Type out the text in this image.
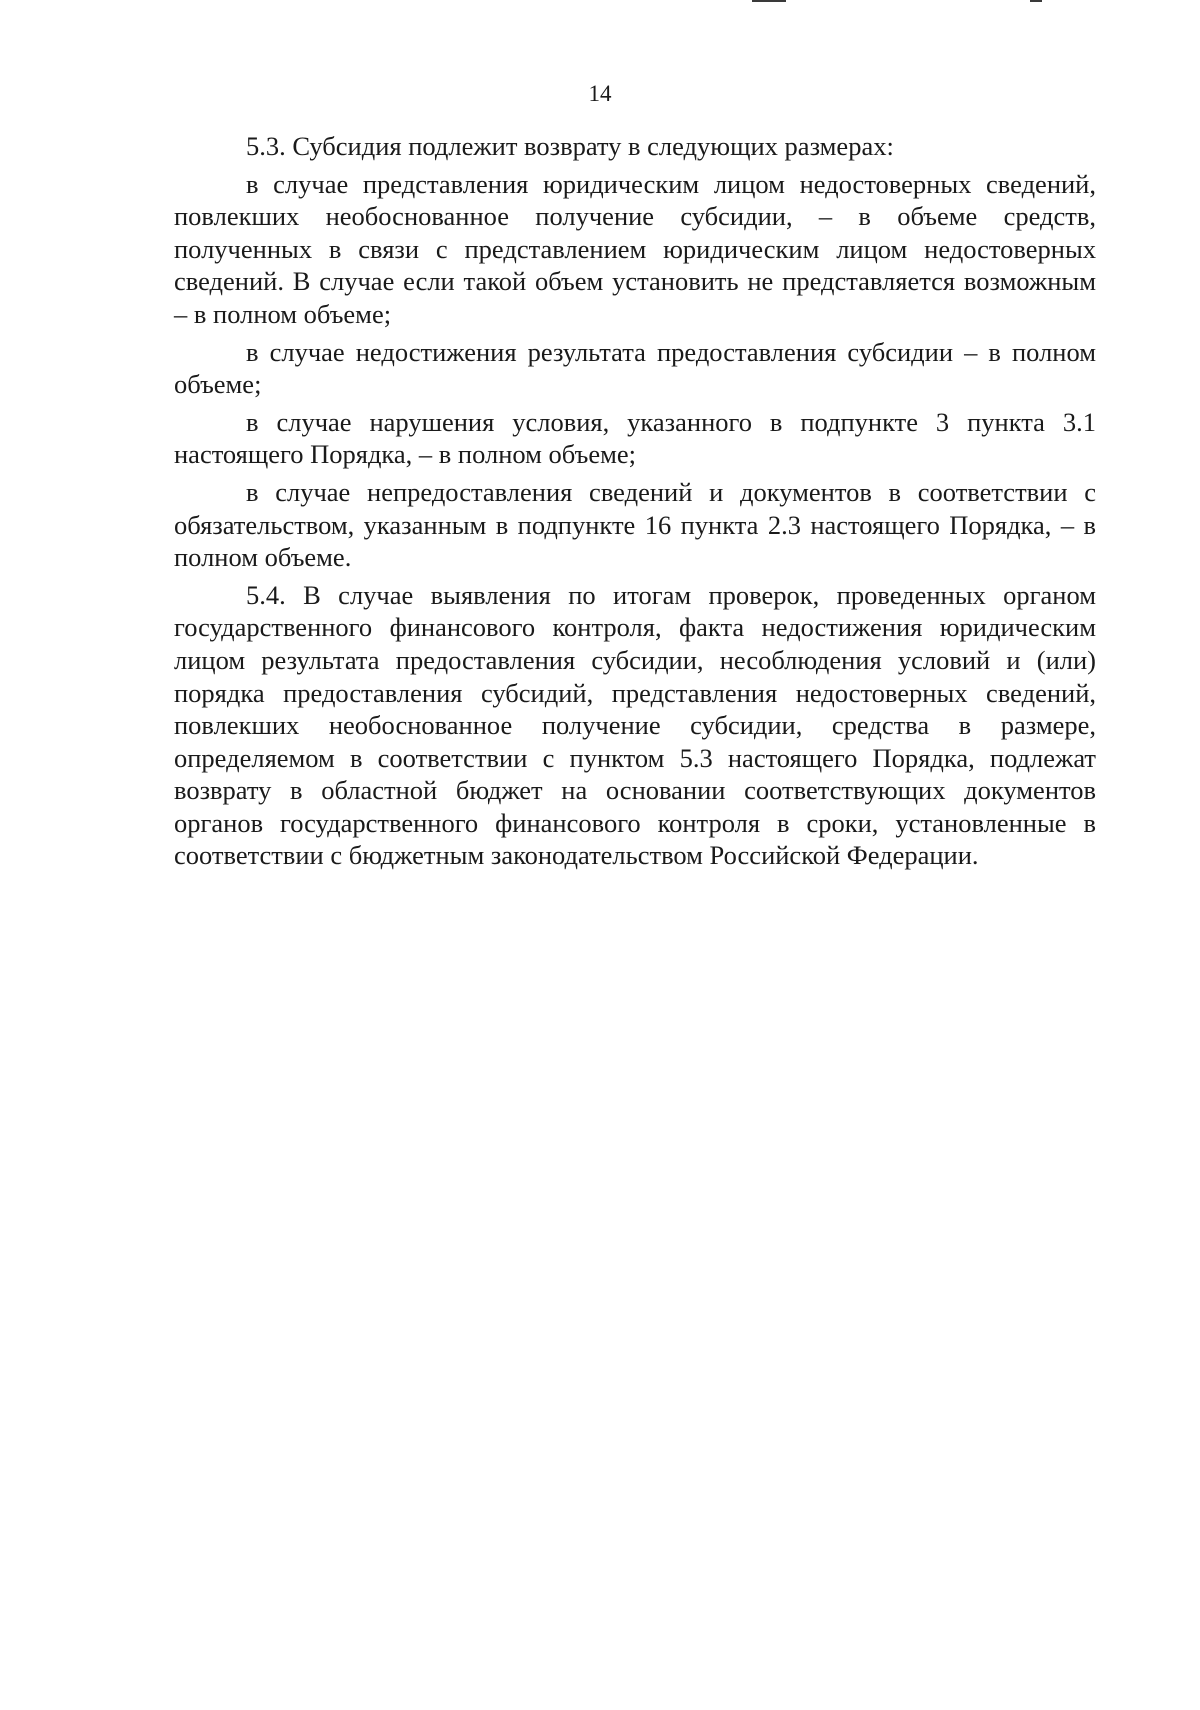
14

5.3. Субсидия подлежит возврату в следующих размерах:

в случае представления юридическим лицом недостоверных сведений, повлекших необоснованное получение субсидии, – в объеме средств, полученных в связи с представлением юридическим лицом недостоверных сведений. В случае если такой объем установить не представляется возможным – в полном объеме;

в случае недостижения результата предоставления субсидии – в полном объеме;

в случае нарушения условия, указанного в подпункте 3 пункта 3.1 настоящего Порядка, – в полном объеме;

в случае непредоставления сведений и документов в соответствии с обязательством, указанным в подпункте 16 пункта 2.3 настоящего Порядка, – в полном объеме.

5.4. В случае выявления по итогам проверок, проведенных органом государственного финансового контроля, факта недостижения юридическим лицом результата предоставления субсидии, несоблюдения условий и (или) порядка предоставления субсидий, представления недостоверных сведений, повлекших необоснованное получение субсидии, средства в размере, определяемом в соответствии с пунктом 5.3 настоящего Порядка, подлежат возврату в областной бюджет на основании соответствующих документов органов государственного финансового контроля в сроки, установленные в соответствии с бюджетным законодательством Российской Федерации.
